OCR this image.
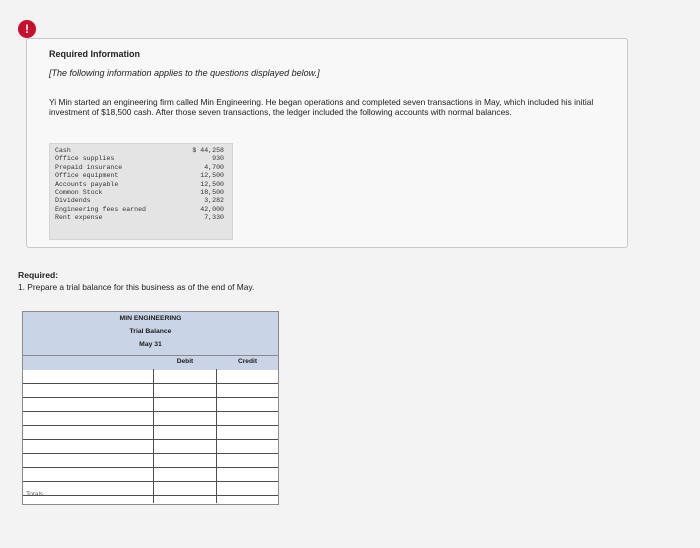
!
Required Information
[The following information applies to the questions displayed below.]
Yi Min started an engineering firm called Min Engineering. He began operations and completed seven transactions in May, which included his initial investment of $18,500 cash. After those seven transactions, the ledger included the following accounts with normal balances.
Cash
Office supplies
Prepaid insurance
Office equipment
Accounts payable
Common Stock
Dividends
Engineering fees earned
Rent expense
$ 44,258
930
4,700
12,500
12,500
18,500
3,282
42,000
7,330
Required:
1. Prepare a trial balance for this business as of the end of May.
MIN ENGINEERING
Trial Balance
May 31
Debit	Credit
Totals
